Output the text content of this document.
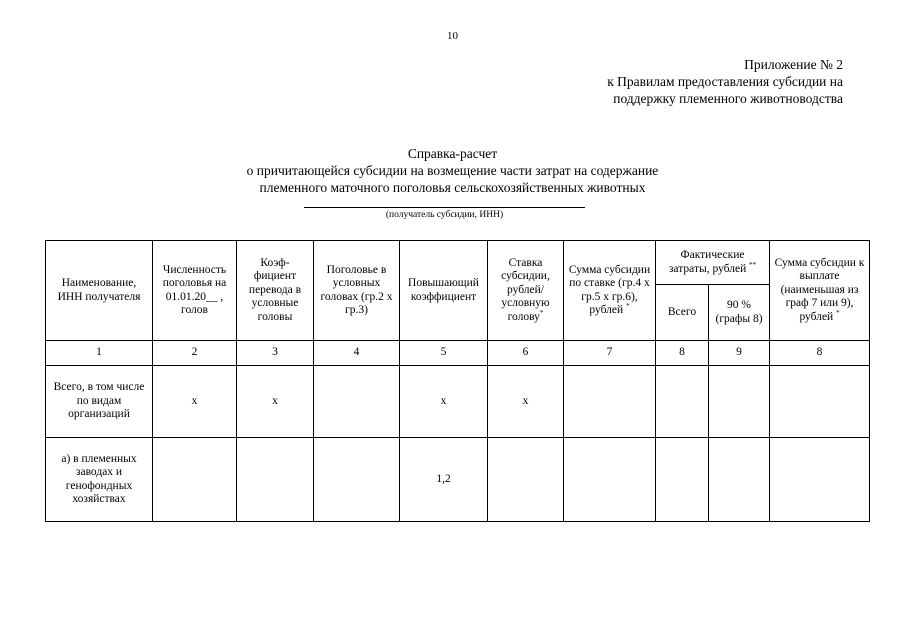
10
Приложение № 2
к Правилам предоставления субсидии на
поддержку племенного животноводства
Справка-расчет
о причитающейся субсидии на возмещение части затрат на содержание
племенного маточного поголовья сельскохозяйственных животных
(получатель субсидии, ИНН)
Наименование, ИНН получателя	Численность поголовья на 01.01.20__ , голов	Коэф-фициент перевода в условные головы	Поголовье в условных головах (гр.2 х гр.3)	Повышающий коэффициент	Ставка субсидии, рублей/ условную голову*	Сумма субсидии по ставке (гр.4 х гр.5 х гр.6), рублей *	Фактические затраты, рублей **		Сумма субсидии к выплате (наименьшая из граф 7 или 9), рублей *
							Всего	90 % (графы 8)	
1	2	3	4	5	6	7	8	9	8
Всего, в том числе по видам организаций	х	х		х	х				
а) в племенных заводах и генофондных хозяйствах				1,2					
